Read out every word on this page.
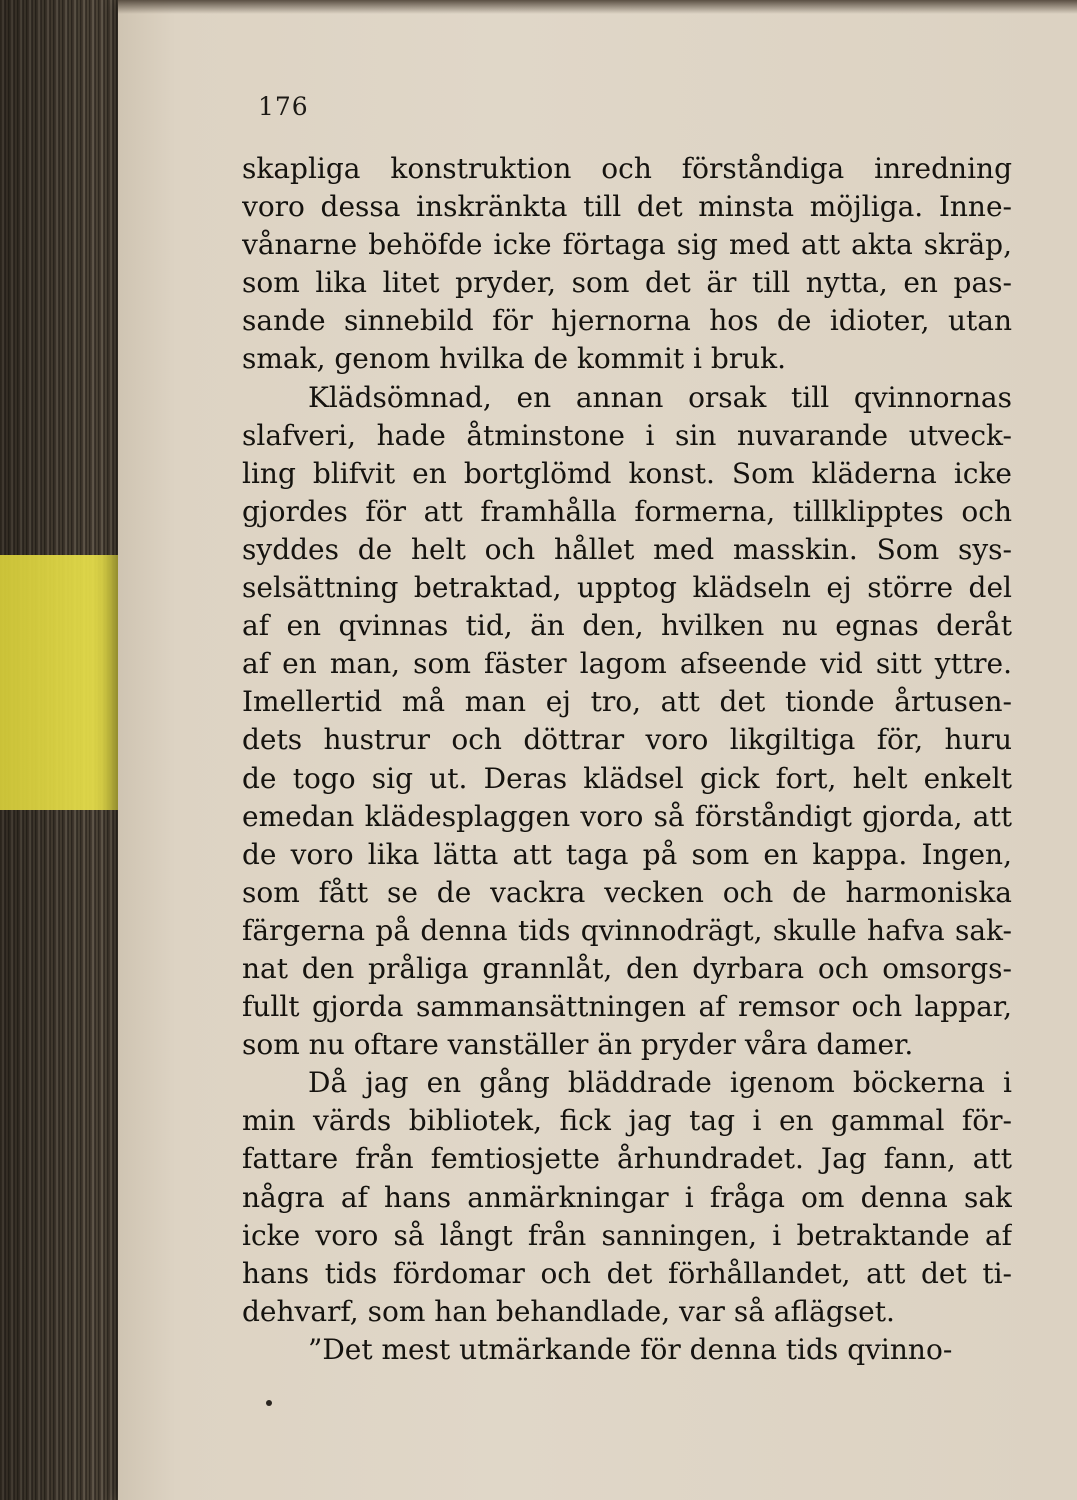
176
skapliga konstruktion och förståndiga inredning
voro dessa inskränkta till det minsta möjliga. Inne-
vånarne behöfde icke förtaga sig med att akta skräp,
som lika litet pryder, som det är till nytta, en pas-
sande sinnebild för hjernorna hos de idioter, utan
smak, genom hvilka de kommit i bruk.
Klädsömnad, en annan orsak till qvinnornas
slafveri, hade åtminstone i sin nuvarande utveck-
ling blifvit en bortglömd konst. Som kläderna icke
gjordes för att framhålla formerna, tillklipptes och
syddes de helt och hållet med masskin. Som sys-
selsättning betraktad, upptog klädseln ej större del
af en qvinnas tid, än den, hvilken nu egnas deråt
af en man, som fäster lagom afseende vid sitt yttre.
Imellertid må man ej tro, att det tionde årtusen-
dets hustrur och döttrar voro likgiltiga för, huru
de togo sig ut. Deras klädsel gick fort, helt enkelt
emedan klädesplaggen voro så förståndigt gjorda, att
de voro lika lätta att taga på som en kappa. Ingen,
som fått se de vackra vecken och de harmoniska
färgerna på denna tids qvinnodrägt, skulle hafva sak-
nat den pråliga grannlåt, den dyrbara och omsorgs-
fullt gjorda sammansättningen af remsor och lappar,
som nu oftare vanställer än pryder våra damer.
Då jag en gång bläddrade igenom böckerna i
min värds bibliotek, fick jag tag i en gammal för-
fattare från femtiosjette århundradet. Jag fann, att
några af hans anmärkningar i fråga om denna sak
icke voro så långt från sanningen, i betraktande af
hans tids fördomar och det förhållandet, att det ti-
dehvarf, som han behandlade, var så aflägset.
”Det mest utmärkande för denna tids qvinno-
